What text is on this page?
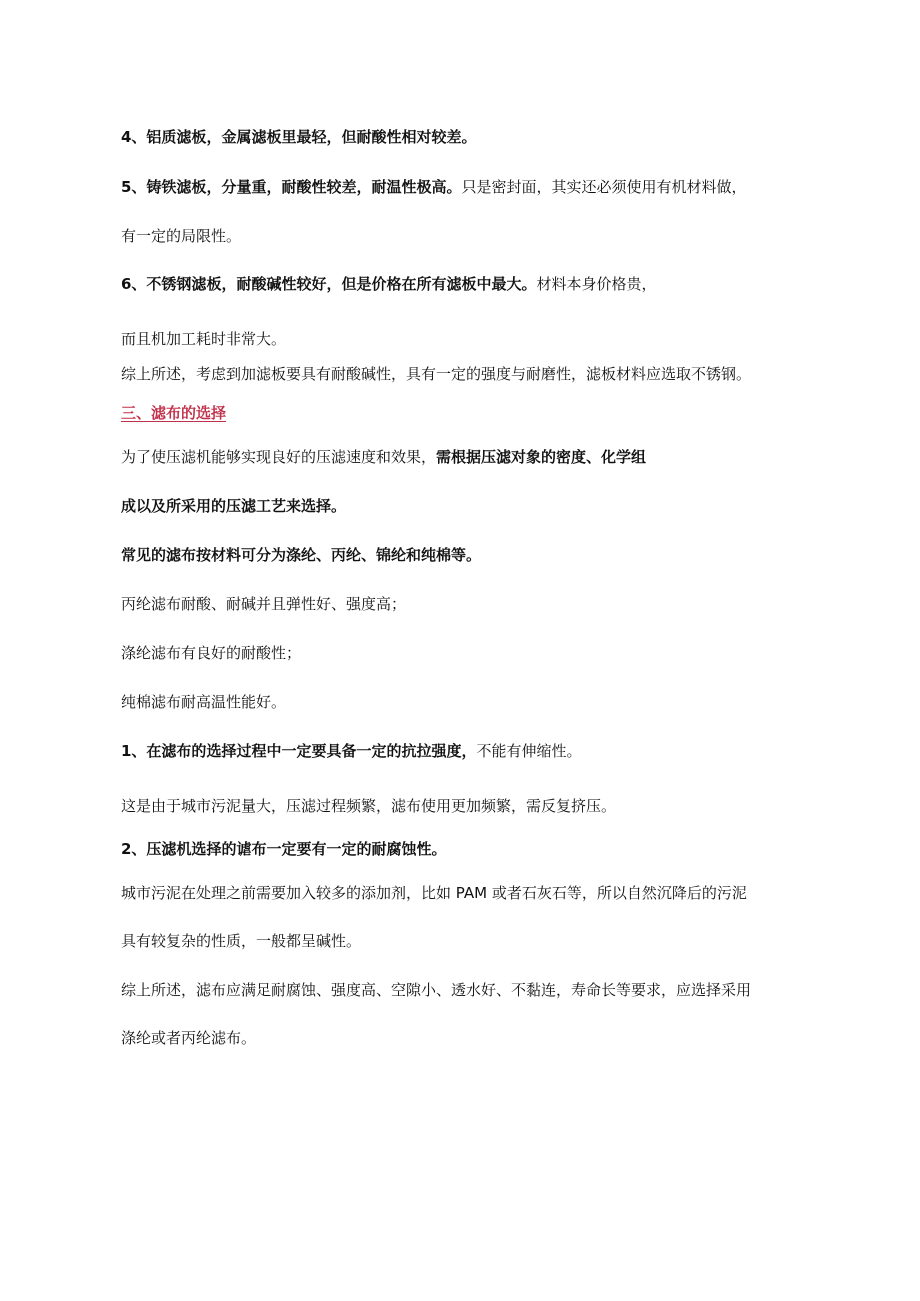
4、铝质滤板，金属滤板里最轻，但耐酸性相对较差。
5、铸铁滤板，分量重，耐酸性较差，耐温性极高。只是密封面，其实还必须使用有机材料做，
有一定的局限性。
6、不锈钢滤板，耐酸碱性较好，但是价格在所有滤板中最大。材料本身价格贵，
而且机加工耗时非常大。
综上所述，考虑到加滤板要具有耐酸碱性，具有一定的强度与耐磨性，滤板材料应选取不锈钢。
三、滤布的选择
为了使压滤机能够实现良好的压滤速度和效果，需根据压滤对象的密度、化学组
成以及所采用的压滤工艺来选择。
常见的滤布按材料可分为涤纶、丙纶、锦纶和纯棉等。
丙纶滤布耐酸、耐碱并且弹性好、强度高；
涤纶滤布有良好的耐酸性；
纯棉滤布耐高温性能好。
1、在滤布的选择过程中一定要具备一定的抗拉强度，不能有伸缩性。
这是由于城市污泥量大，压滤过程频繁，滤布使用更加频繁，需反复挤压。
2、压滤机选择的谑布一定要有一定的耐腐蚀性。
城市污泥在处理之前需要加入较多的添加剂，比如 PAM 或者石灰石等，所以自然沉降后的污泥
具有较复杂的性质，一般都呈碱性。
综上所述，滤布应满足耐腐蚀、强度高、空隙小、透水好、不黏连，寿命长等要求，应选择采用
涤纶或者丙纶滤布。
